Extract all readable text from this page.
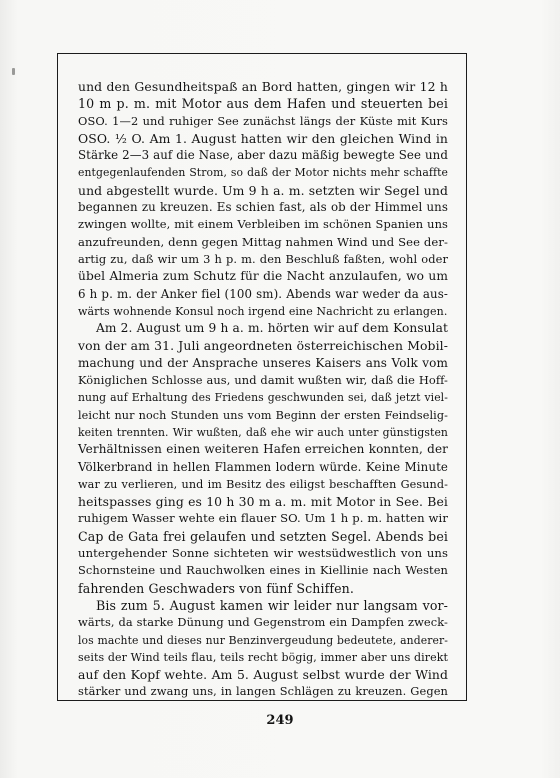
und den Gesundheitspaß an Bord hatten, gingen wir 12 h
10 m p. m. mit Motor aus dem Hafen und steuerten bei
OSO. 1—2 und ruhiger See zunächst längs der Küste mit Kurs
OSO. ½ O. Am 1. August hatten wir den gleichen Wind in
Stärke 2—3 auf die Nase, aber dazu mäßig bewegte See und
entgegenlaufenden Strom, so daß der Motor nichts mehr schaffte
und abgestellt wurde. Um 9 h a. m. setzten wir Segel und
begannen zu kreuzen. Es schien fast, als ob der Himmel uns
zwingen wollte, mit einem Verbleiben im schönen Spanien uns
anzufreunden, denn gegen Mittag nahmen Wind und See der-
artig zu, daß wir um 3 h p. m. den Beschluß faßten, wohl oder
übel Almeria zum Schutz für die Nacht anzulaufen, wo um
6 h p. m. der Anker fiel (100 sm). Abends war weder da aus-
wärts wohnende Konsul noch irgend eine Nachricht zu erlangen.
Am 2. August um 9 h a. m. hörten wir auf dem Konsulat
von der am 31. Juli angeordneten österreichischen Mobil-
machung und der Ansprache unseres Kaisers ans Volk vom
Königlichen Schlosse aus, und damit wußten wir, daß die Hoff-
nung auf Erhaltung des Friedens geschwunden sei, daß jetzt viel-
leicht nur noch Stunden uns vom Beginn der ersten Feindselig-
keiten trennten. Wir wußten, daß ehe wir auch unter günstigsten
Verhältnissen einen weiteren Hafen erreichen konnten, der
Völkerbrand in hellen Flammen lodern würde. Keine Minute
war zu verlieren, und im Besitz des eiligst beschafften Gesund-
heitspasses ging es 10 h 30 m a. m. mit Motor in See. Bei
ruhigem Wasser wehte ein flauer SO. Um 1 h p. m. hatten wir
Cap de Gata frei gelaufen und setzten Segel. Abends bei
untergehender Sonne sichteten wir westsüdwestlich von uns
Schornsteine und Rauchwolken eines in Kiellinie nach Westen
fahrenden Geschwaders von fünf Schiffen.
Bis zum 5. August kamen wir leider nur langsam vor-
wärts, da starke Dünung und Gegenstrom ein Dampfen zweck-
los machte und dieses nur Benzinvergeudung bedeutete, anderer-
seits der Wind teils flau, teils recht bögig, immer aber uns direkt
auf den Kopf wehte. Am 5. August selbst wurde der Wind
stärker und zwang uns, in langen Schlägen zu kreuzen. Gegen
249
